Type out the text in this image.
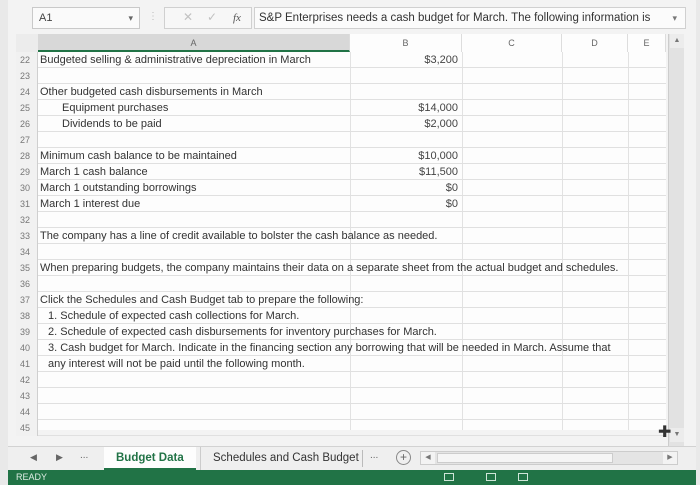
A1	▾ ⋮ ✕ ✓ fx	S&P Enterprises needs a cash budget for March. The following information is ▾
A	B	C	D	E
22 Budgeted selling & administrative depreciation in March	$3,200
23
24 Other budgeted cash disbursements in March
25	Equipment purchases	$14,000
26	Dividends to be paid	$2,000
27
28 Minimum cash balance to be maintained	$10,000
29 March 1 cash balance	$11,500
30 March 1 outstanding borrowings	$0
31 March 1 interest due	$0
32
33 The company has a line of credit available to bolster the cash balance as needed.
34
35 When preparing budgets, the company maintains their data on a separate sheet from the actual budget and schedules.
36
37 Click the Schedules and Cash Budget tab to prepare the following:
38	1. Schedule of expected cash collections for March.
39	2. Schedule of expected cash disbursements for inventory purchases for March.
40	3. Cash budget for March. Indicate in the financing section any borrowing that will be needed in March. Assume that
41	any interest will not be paid until the following month.
42
43
44
45
▲
▼
✚
◀ ▶ ...	Budget Data	Schedules and Cash Budget	...	+	◀	▶
READY
